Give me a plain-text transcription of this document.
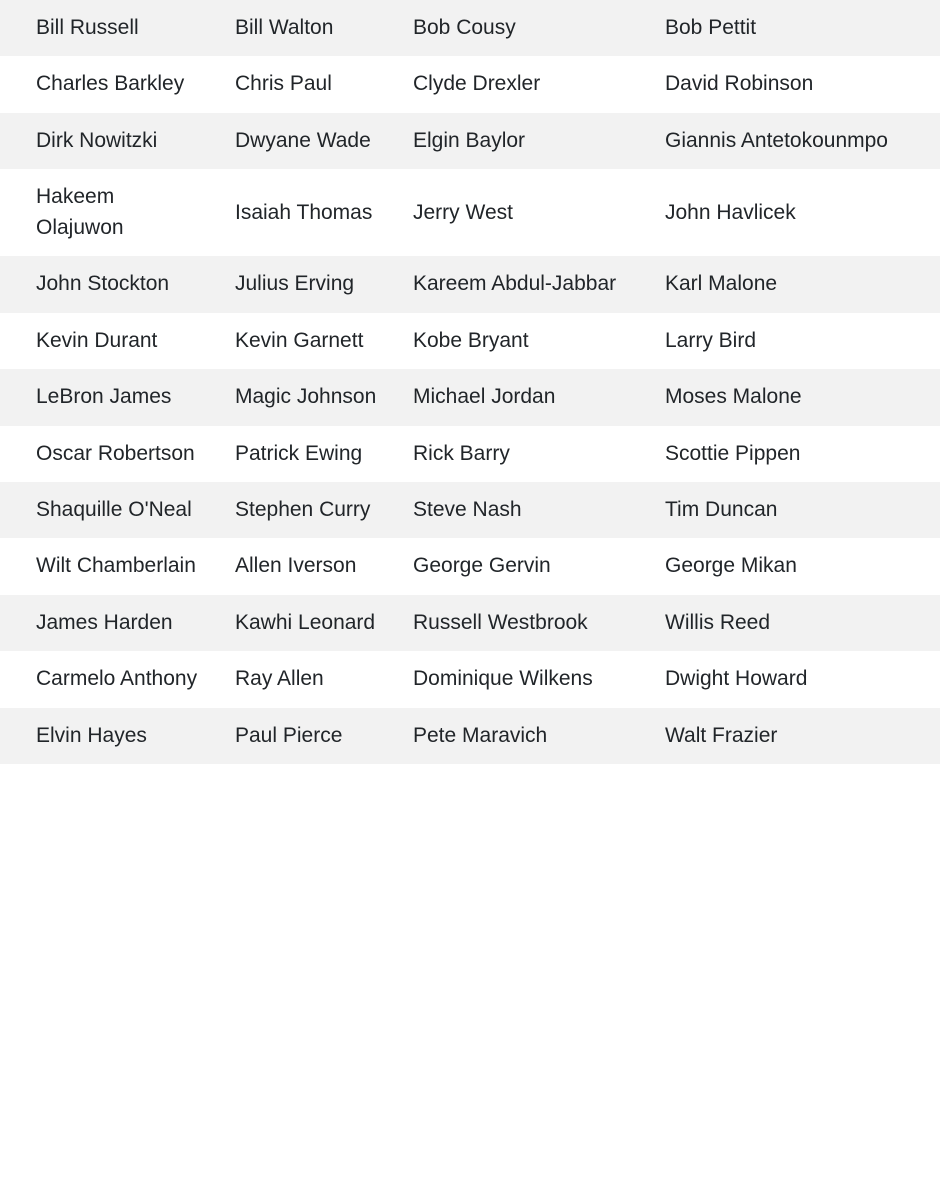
Bill Russell	Bill Walton	Bob Cousy	Bob Pettit
Charles Barkley	Chris Paul	Clyde Drexler	David Robinson
Dirk Nowitzki	Dwyane Wade	Elgin Baylor	Giannis Antetokounmpo
Hakeem Olajuwon	Isaiah Thomas	Jerry West	John Havlicek
John Stockton	Julius Erving	Kareem Abdul-Jabbar	Karl Malone
Kevin Durant	Kevin Garnett	Kobe Bryant	Larry Bird
LeBron James	Magic Johnson	Michael Jordan	Moses Malone
Oscar Robertson	Patrick Ewing	Rick Barry	Scottie Pippen
Shaquille O'Neal	Stephen Curry	Steve Nash	Tim Duncan
Wilt Chamberlain	Allen Iverson	George Gervin	George Mikan
James Harden	Kawhi Leonard	Russell Westbrook	Willis Reed
Carmelo Anthony	Ray Allen	Dominique Wilkens	Dwight Howard
Elvin Hayes	Paul Pierce	Pete Maravich	Walt Frazier
